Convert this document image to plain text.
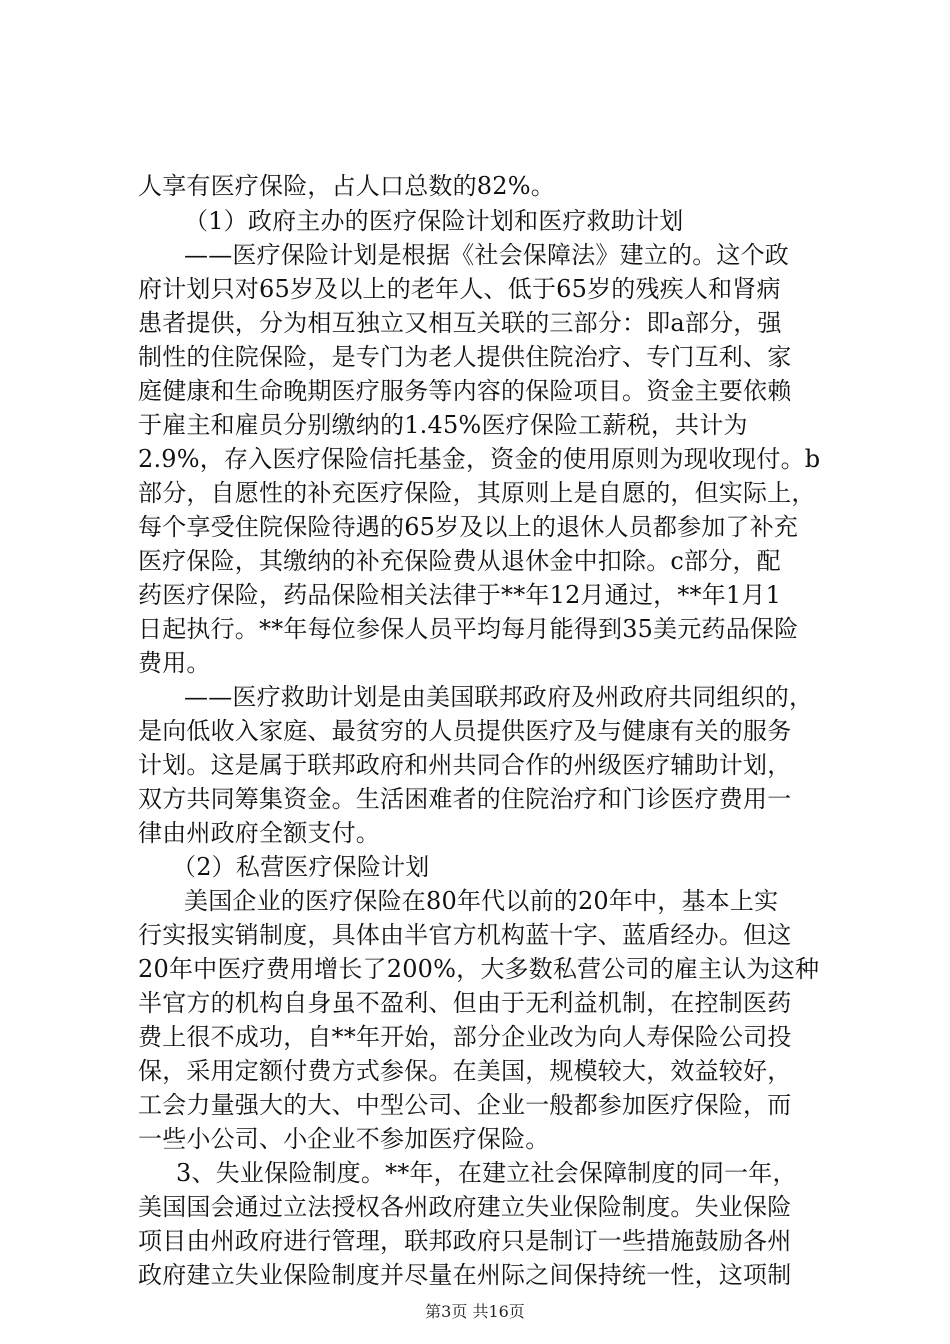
人享有医疗保险，占人口总数的82%。
（1）政府主办的医疗保险计划和医疗救助计划
——医疗保险计划是根据《社会保障法》建立的。这个政
府计划只对65岁及以上的老年人、低于65岁的残疾人和肾病
患者提供，分为相互独立又相互关联的三部分：即a部分，强
制性的住院保险，是专门为老人提供住院治疗、专门互利、家
庭健康和生命晚期医疗服务等内容的保险项目。资金主要依赖
于雇主和雇员分别缴纳的1.45%医疗保险工薪税，共计为
2.9%，存入医疗保险信托基金，资金的使用原则为现收现付。b
部分，自愿性的补充医疗保险，其原则上是自愿的，但实际上，
每个享受住院保险待遇的65岁及以上的退休人员都参加了补充
医疗保险，其缴纳的补充保险费从退休金中扣除。c部分，配
药医疗保险，药品保险相关法律于**年12月通过，**年1月1
日起执行。**年每位参保人员平均每月能得到35美元药品保险
费用。
——医疗救助计划是由美国联邦政府及州政府共同组织的，
是向低收入家庭、最贫穷的人员提供医疗及与健康有关的服务
计划。这是属于联邦政府和州共同合作的州级医疗辅助计划，
双方共同筹集资金。生活困难者的住院治疗和门诊医疗费用一
律由州政府全额支付。
（2）私营医疗保险计划
美国企业的医疗保险在80年代以前的20年中，基本上实
行实报实销制度，具体由半官方机构蓝十字、蓝盾经办。但这
20年中医疗费用增长了200%，大多数私营公司的雇主认为这种
半官方的机构自身虽不盈利、但由于无利益机制，在控制医药
费上很不成功，自**年开始，部分企业改为向人寿保险公司投
保，采用定额付费方式参保。在美国，规模较大，效益较好，
工会力量强大的大、中型公司、企业一般都参加医疗保险，而
一些小公司、小企业不参加医疗保险。
3、失业保险制度。**年，在建立社会保障制度的同一年，
美国国会通过立法授权各州政府建立失业保险制度。失业保险
项目由州政府进行管理，联邦政府只是制订一些措施鼓励各州
政府建立失业保险制度并尽量在州际之间保持统一性，这项制
第3页 共16页
